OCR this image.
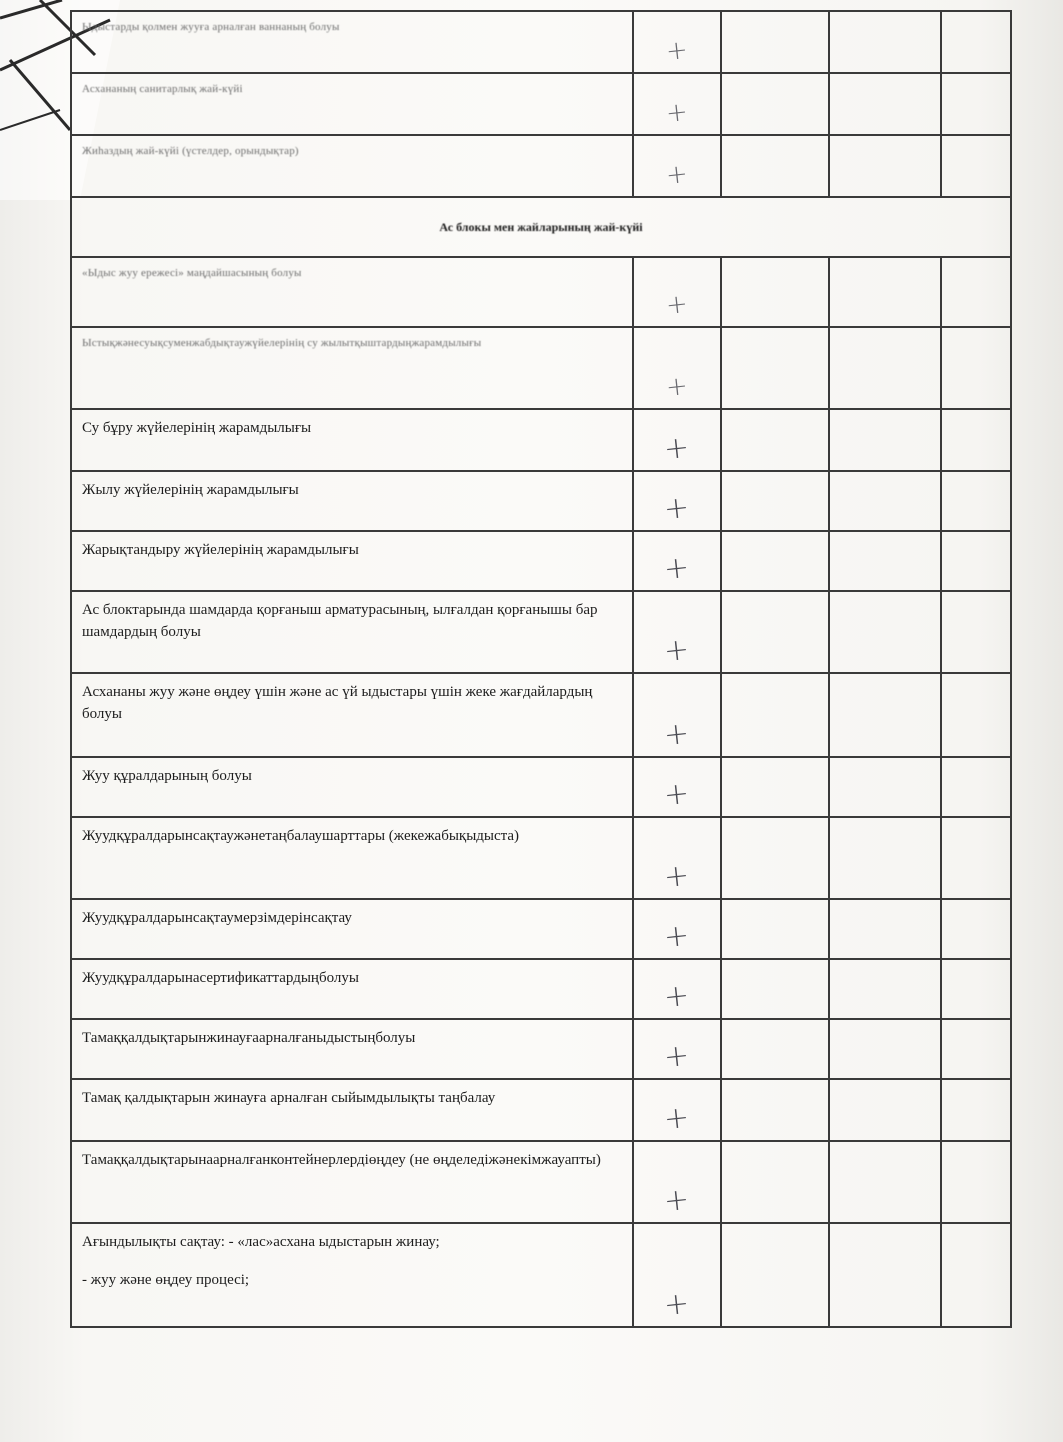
Ыдыстарды қолмен жууға арналған ваннаның болуы	+			
Асхананың санитарлық жай-күйі	+			
Жиһаздың жай-күйі (үстелдер, орындықтар)	+			
Ас блокы мен жайларының жай-күйі				
«Ыдыс жуу ережесі» маңдайшасының болуы	+			
Ыстықжәнесуықсуменжабдықтаужүйелерінің су жылытқыштардыңжарамдылығы	+			
Су бұру жүйелерінің жарамдылығы	+			
Жылу жүйелерінің жарамдылығы	+			
Жарықтандыру жүйелерінің жарамдылығы	+			
Ас блоктарында шамдарда қорғаныш арматурасының, ылғалдан қорғанышы бар шамдардың болуы	+			
Асхананы жуу және өңдеу үшін және ас үй ыдыстары үшін жеке жағдайлардың болуы	+			
Жуу құралдарының болуы	+			
Жуудқұралдарынсақтаужәнетаңбалаушарттары (жекежабықыдыста)	+			
Жуудқұралдарынсақтаумерзімдерінсақтау	+			
Жуудқұралдарынасертификаттардыңболуы	+			
Тамаққалдықтарынжинауғаарналғаныдыстыңболуы	+			
Тамақ қалдықтарын жинауға арналған сыйымдылықты таңбалау	+			
Тамаққалдықтарынаарналғанконтейнерлердіөңдеу (не өңделедіжәнекімжауапты)	+			

Ағындылықты сақтау: - «лас»асхана ыдыстарын жинау;
- жуу және өңдеу процесі;	+			
